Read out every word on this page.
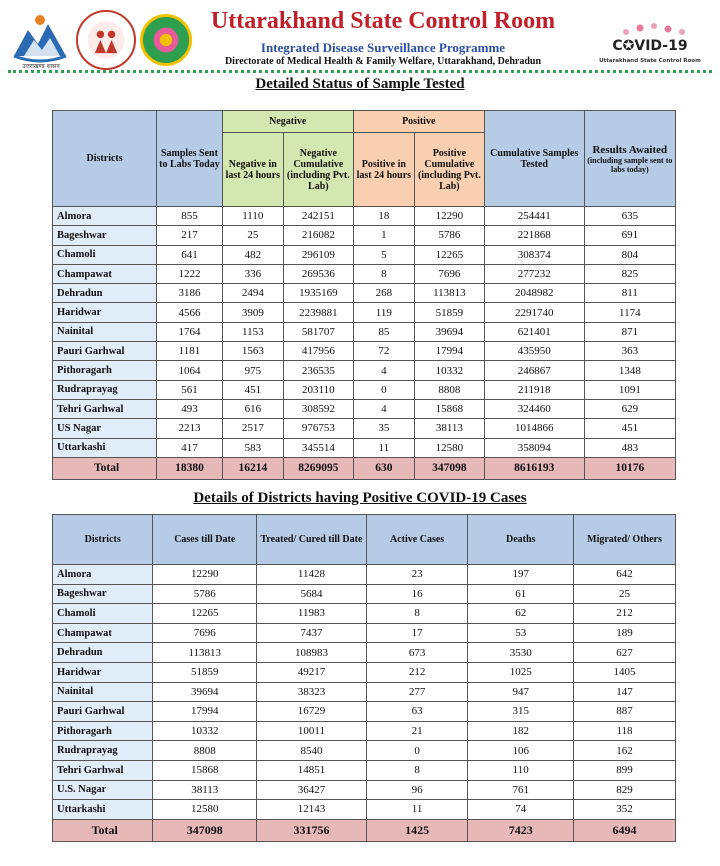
उत्तराखण्ड शासन
Uttarakhand State Control Room
Integrated Disease Surveillance Programme
Directorate of Medical Health & Family Welfare, Uttarakhand, Dehradun
C✪VID-19
Uttarakhand State Control Room
Detailed Status of Sample Tested
Districts	Samples Sent to Labs Today	Negative		Positive		Cumulative Samples Tested	Results Awaited
(including sample sent to labs today)

		Negative in last 24 hours	Negative Cumulative (including Pvt. Lab)	Positive in last 24 hours	Positive Cumulative (including Pvt. Lab)		
Almora	855	1110	242151	18	12290	254441	635
Bageshwar	217	25	216082	1	5786	221868	691
Chamoli	641	482	296109	5	12265	308374	804
Champawat	1222	336	269536	8	7696	277232	825
Dehradun	3186	2494	1935169	268	113813	2048982	811
Haridwar	4566	3909	2239881	119	51859	2291740	1174
Nainital	1764	1153	581707	85	39694	621401	871
Pauri Garhwal	1181	1563	417956	72	17994	435950	363
Pithoragarh	1064	975	236535	4	10332	246867	1348
Rudraprayag	561	451	203110	0	8808	211918	1091
Tehri Garhwal	493	616	308592	4	15868	324460	629
US Nagar	2213	2517	976753	35	38113	1014866	451
Uttarkashi	417	583	345514	11	12580	358094	483
Total	18380	16214	8269095	630	347098	8616193	10176
Details of Districts having Positive COVID-19 Cases
Districts	Cases till Date	Treated/ Cured till Date	Active Cases	Deaths	Migrated/ Others
Almora	12290	11428	23	197	642
Bageshwar	5786	5684	16	61	25
Chamoli	12265	11983	8	62	212
Champawat	7696	7437	17	53	189
Dehradun	113813	108983	673	3530	627
Haridwar	51859	49217	212	1025	1405
Nainital	39694	38323	277	947	147
Pauri Garhwal	17994	16729	63	315	887
Pithoragarh	10332	10011	21	182	118
Rudraprayag	8808	8540	0	106	162
Tehri Garhwal	15868	14851	8	110	899
U.S. Nagar	38113	36427	96	761	829
Uttarkashi	12580	12143	11	74	352
Total	347098	331756	1425	7423	6494
